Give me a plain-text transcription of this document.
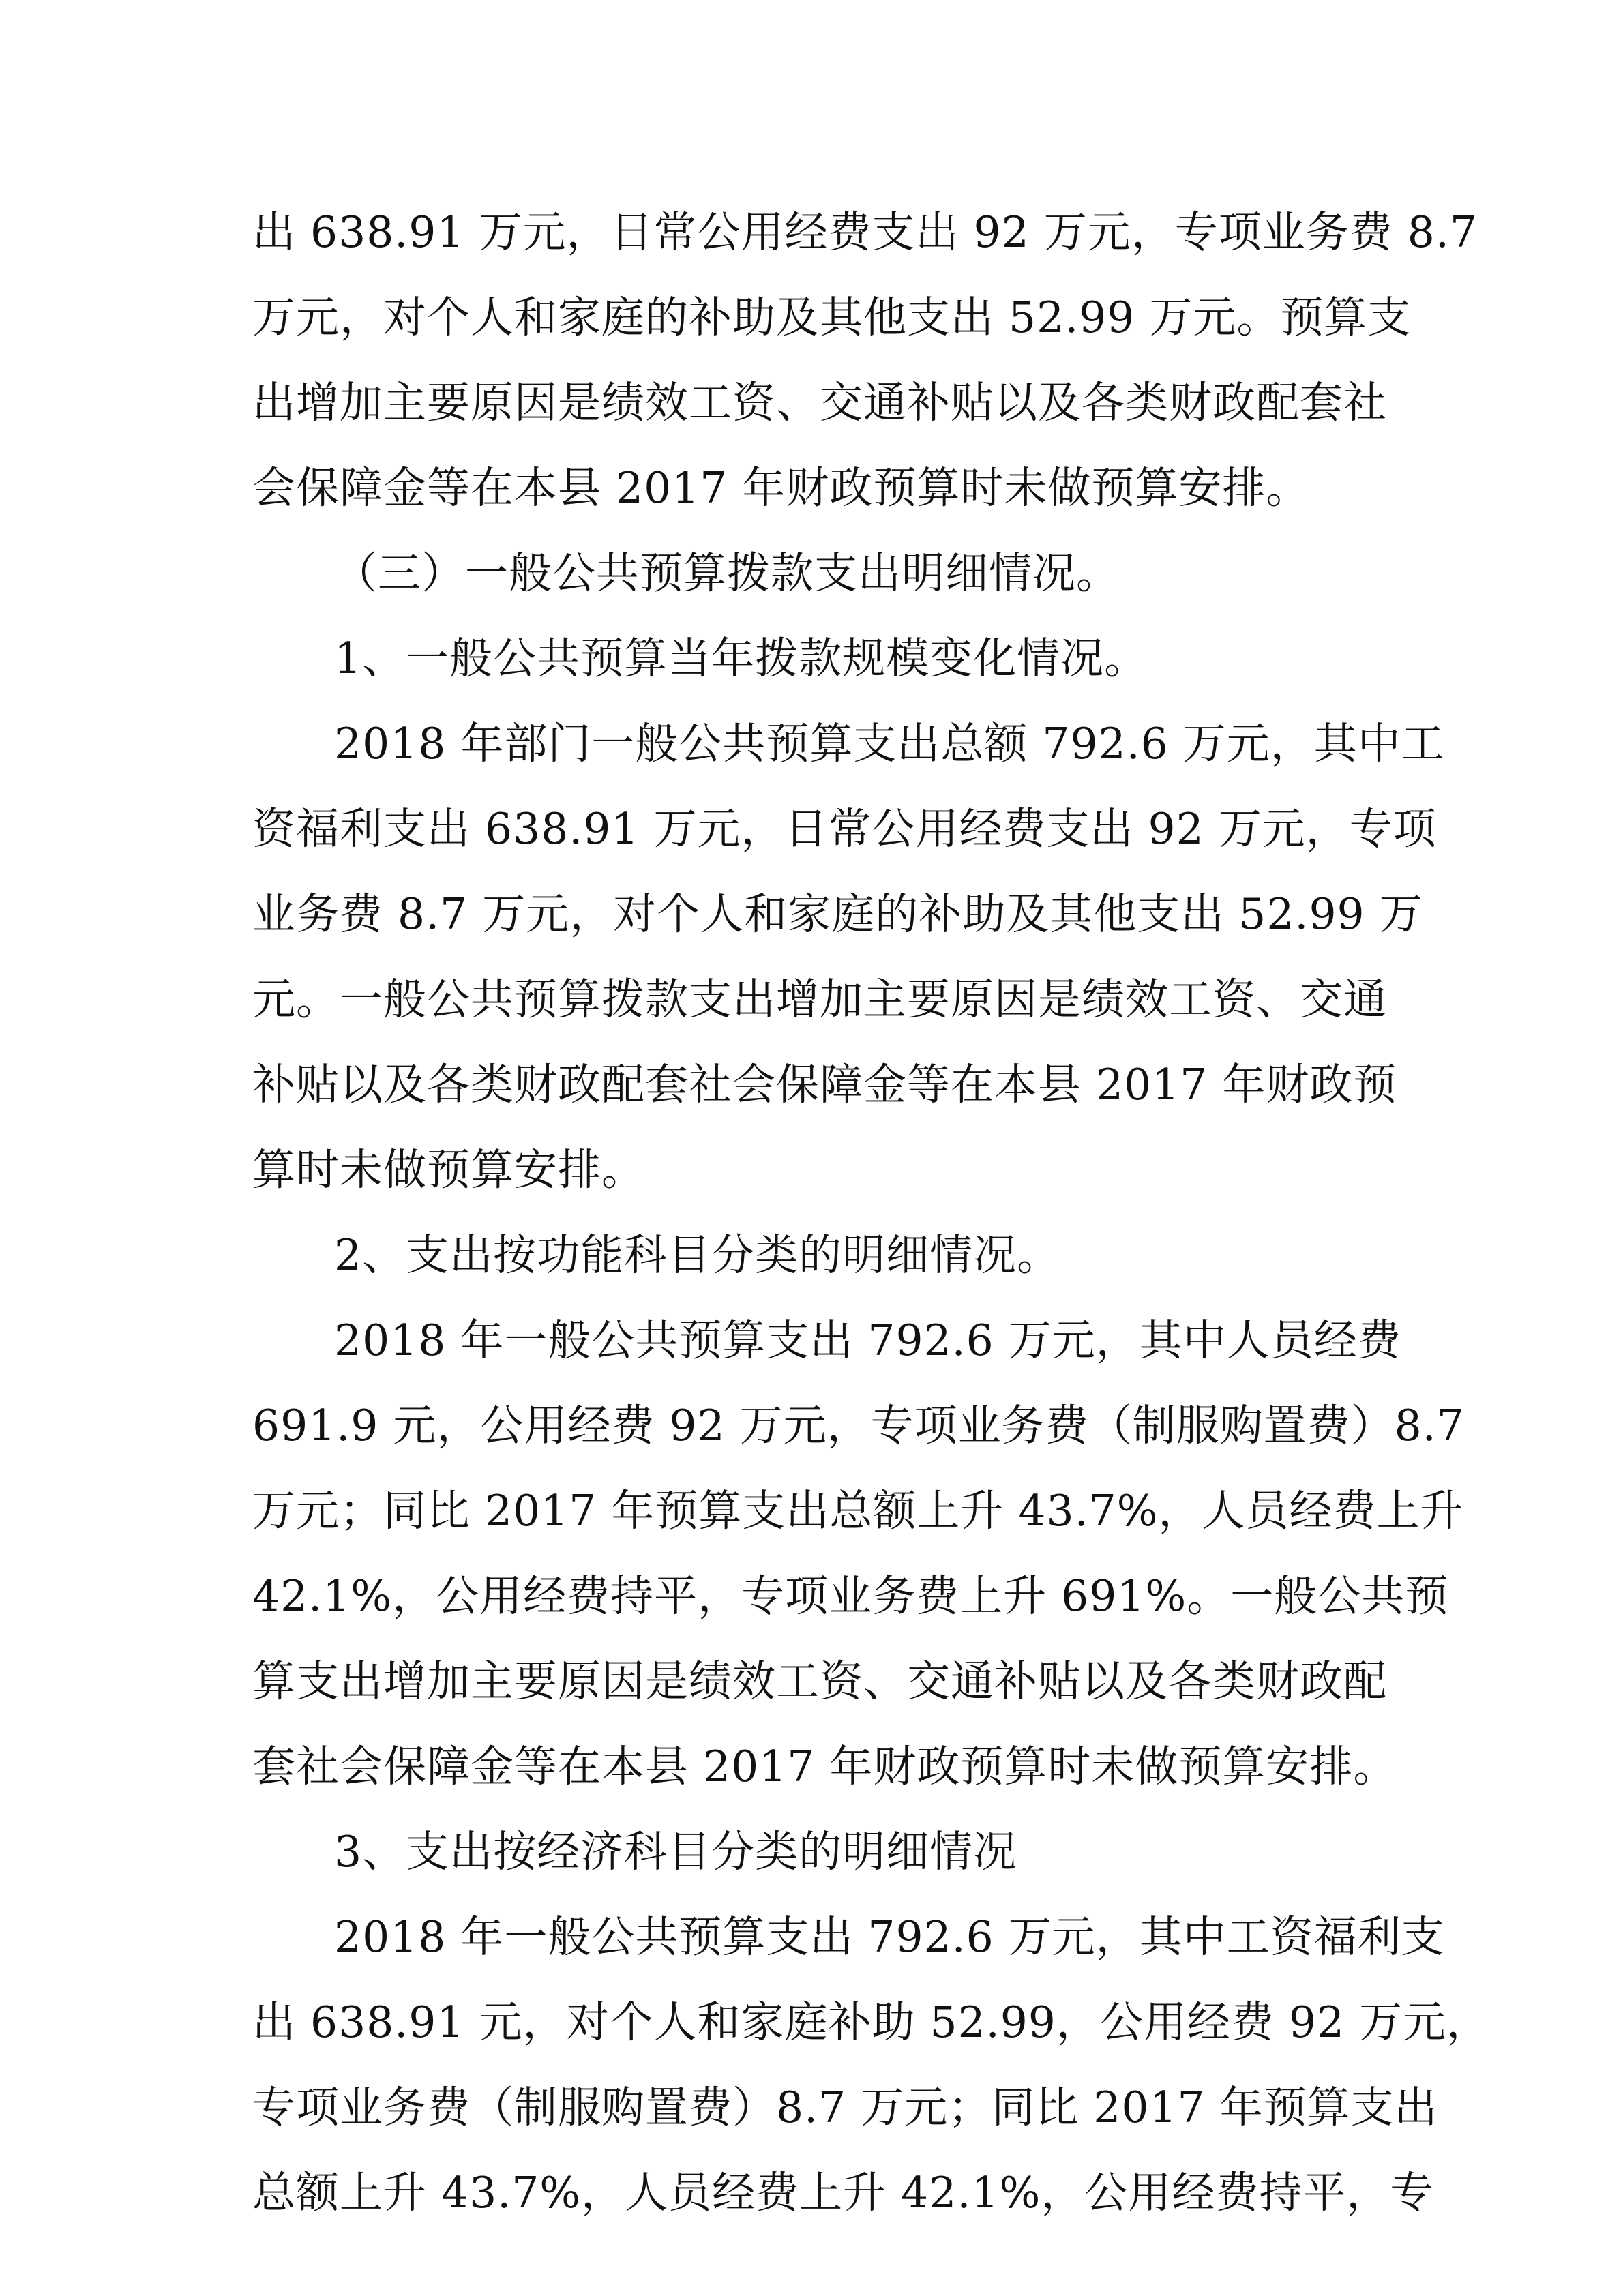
出 638.91 万元，日常公用经费支出 92 万元，专项业务费 8.7
万元，对个人和家庭的补助及其他支出 52.99 万元。预算支
出增加主要原因是绩效工资、交通补贴以及各类财政配套社
会保障金等在本县 2017 年财政预算时未做预算安排。
（三）一般公共预算拨款支出明细情况。
1、一般公共预算当年拨款规模变化情况。
2018 年部门一般公共预算支出总额 792.6 万元，其中工
资福利支出 638.91 万元，日常公用经费支出 92 万元，专项
业务费 8.7 万元，对个人和家庭的补助及其他支出 52.99 万
元。一般公共预算拨款支出增加主要原因是绩效工资、交通
补贴以及各类财政配套社会保障金等在本县 2017 年财政预
算时未做预算安排。
2、支出按功能科目分类的明细情况。
2018 年一般公共预算支出 792.6 万元，其中人员经费
691.9 元，公用经费 92 万元，专项业务费（制服购置费）8.7
万元；同比 2017 年预算支出总额上升 43.7%，人员经费上升
42.1%，公用经费持平，专项业务费上升 691%。一般公共预
算支出增加主要原因是绩效工资、交通补贴以及各类财政配
套社会保障金等在本县 2017 年财政预算时未做预算安排。
3、支出按经济科目分类的明细情况
2018 年一般公共预算支出 792.6 万元，其中工资福利支
出 638.91 元，对个人和家庭补助 52.99，公用经费 92 万元，
专项业务费（制服购置费）8.7 万元；同比 2017 年预算支出
总额上升 43.7%，人员经费上升 42.1%，公用经费持平，专
